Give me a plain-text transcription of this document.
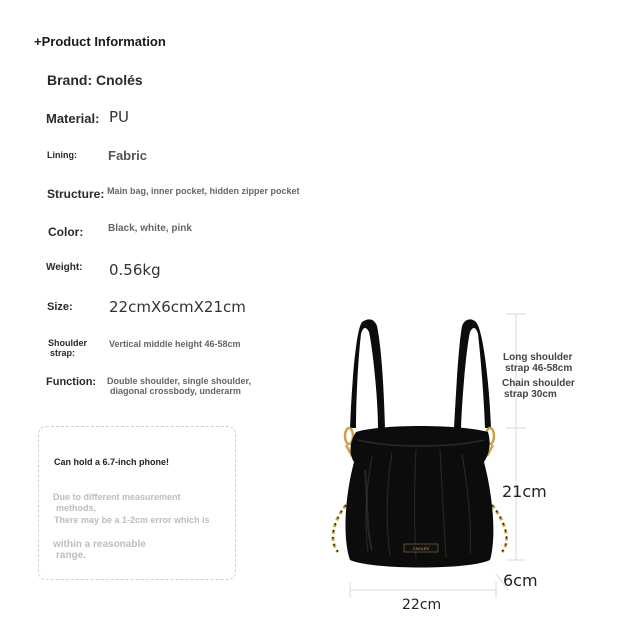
+Product Information
Brand: Cnolés
Material: PU
Lining: Fabric
Structure: Main bag, inner pocket, hidden zipper pocket
Color: Black, white, pink
Weight: 0.56kg
Size: 22cmX6cmX21cm
Shoulder
strap:
Vertical middle height 46-58cm
Function: Double shoulder, single shoulder,
diagonal crossbody, underarm
Can hold a 6.7-inch phone!
Due to different measurement
methods,
There may be a 1-2cm error which is
within a reasonable
range.
CNOLÉS
Long shoulder
strap 46-58cm
Chain shoulder
strap 30cm
21cm
6cm
22cm
